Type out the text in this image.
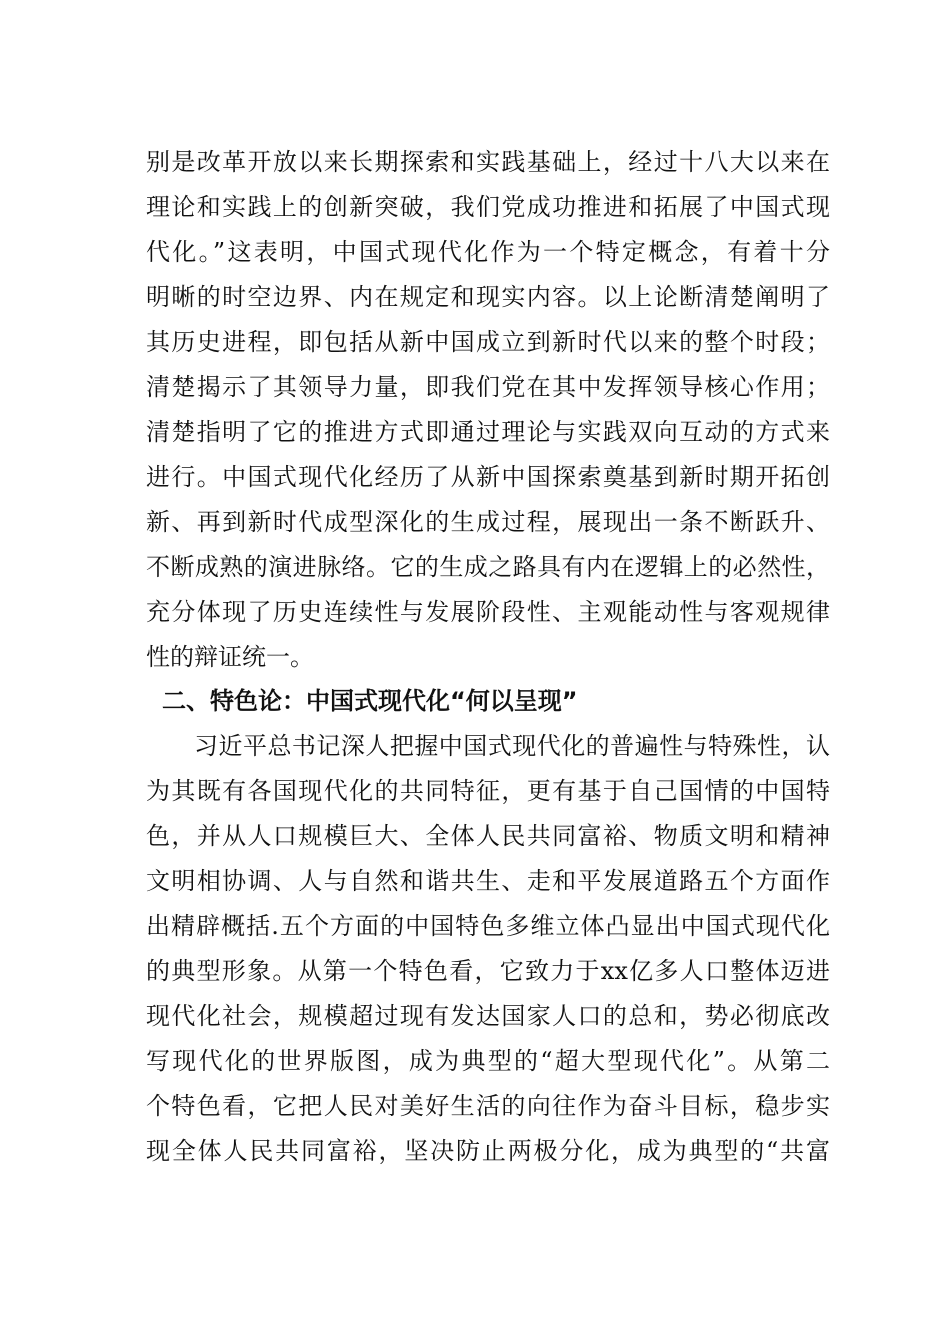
别是改革开放以来长期探索和实践基础上，经过十八大以来在
理论和实践上的创新突破，我们党成功推进和拓展了中国式现
代化。”这表明，中国式现代化作为一个特定概念，有着十分
明晰的时空边界、内在规定和现实内容。以上论断清楚阐明了
其历史进程，即包括从新中国成立到新时代以来的整个时段；
清楚揭示了其领导力量，即我们党在其中发挥领导核心作用；
清楚指明了它的推进方式即通过理论与实践双向互动的方式来
进行。中国式现代化经历了从新中国探索奠基到新时期开拓创
新、再到新时代成型深化的生成过程，展现出一条不断跃升、
不断成熟的演进脉络。它的生成之路具有内在逻辑上的必然性，
充分体现了历史连续性与发展阶段性、主观能动性与客观规律
性的辩证统一。
二、特色论：中国式现代化“何以呈现”
习近平总书记深人把握中国式现代化的普遍性与特殊性，认
为其既有各国现代化的共同特征，更有基于自己国情的中国特
色，并从人口规模巨大、全体人民共同富裕、物质文明和精神
文明相协调、人与自然和谐共生、走和平发展道路五个方面作
出精辟概括.五个方面的中国特色多维立体凸显出中国式现代化
的典型形象。从第一个特色看，它致力于xx亿多人口整体迈进
现代化社会，规模超过现有发达国家人口的总和，势必彻底改
写现代化的世界版图，成为典型的“超大型现代化”。从第二
个特色看，它把人民对美好生活的向往作为奋斗目标，稳步实
现全体人民共同富裕，坚决防止两极分化，成为典型的“共富
